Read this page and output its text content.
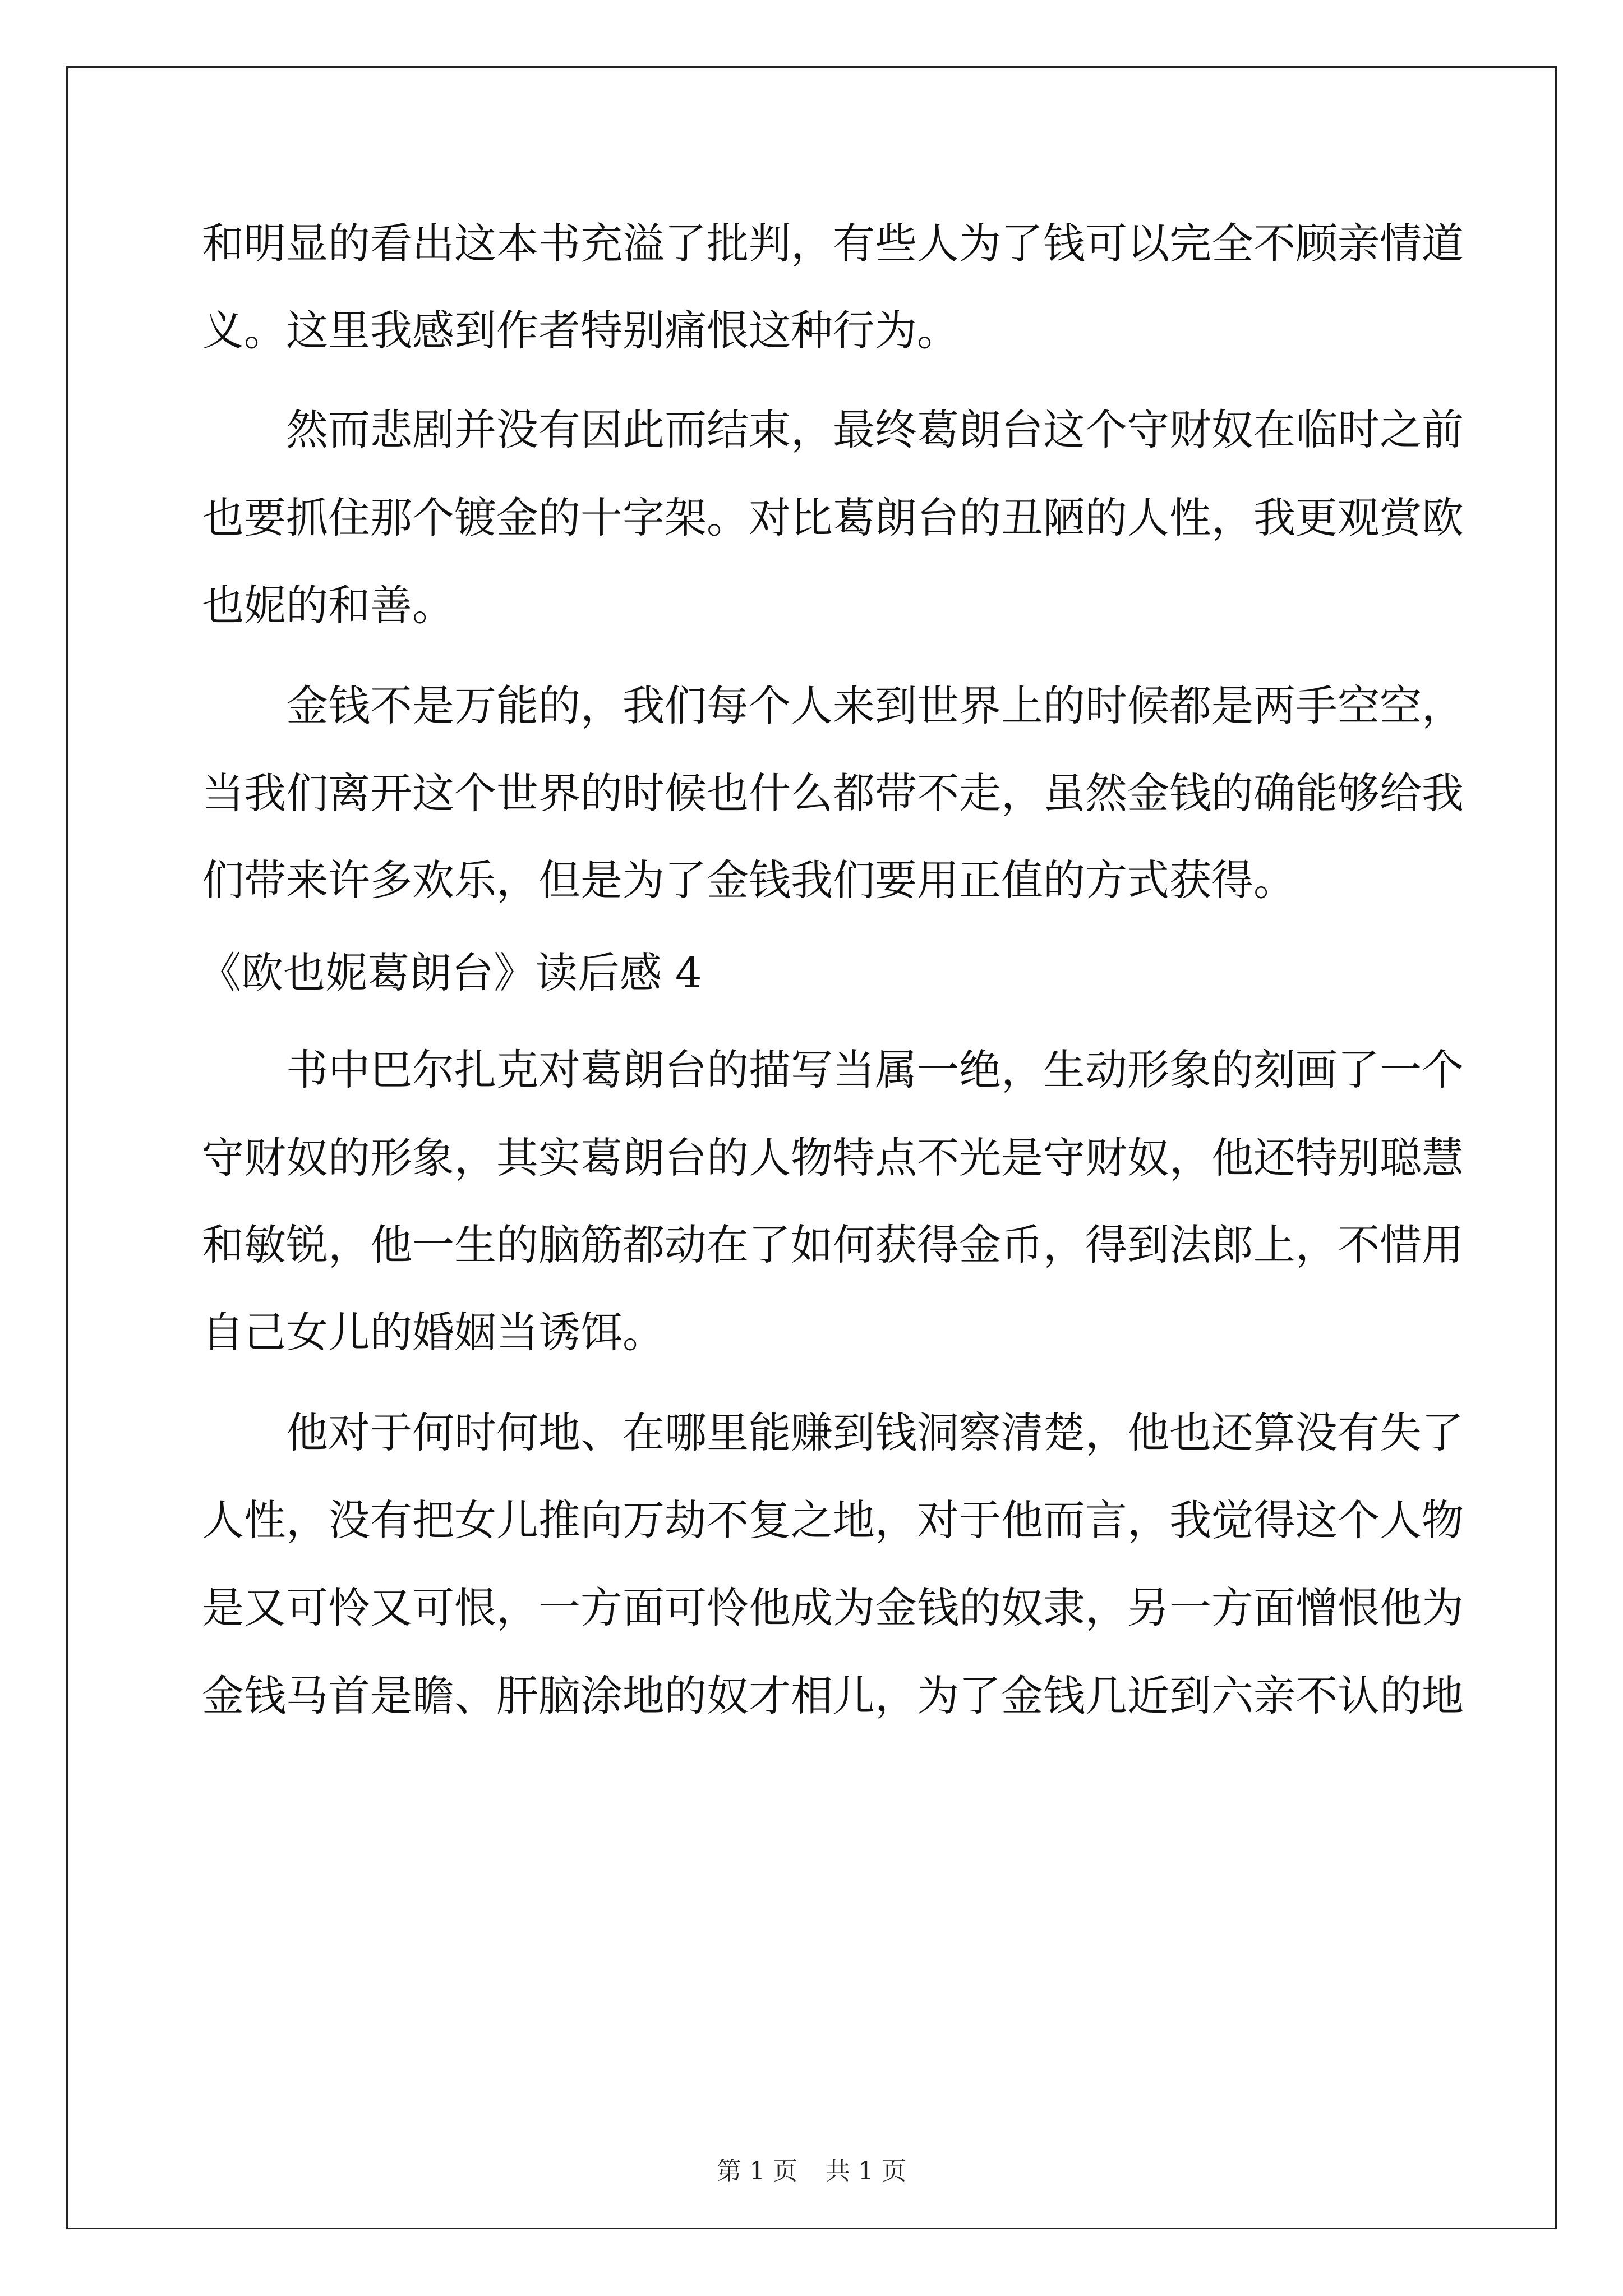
和明显的看出这本书充溢了批判，有些人为了钱可以完全不顾亲情道
义。这里我感到作者特别痛恨这种行为。
然而悲剧并没有因此而结束，最终葛朗台这个守财奴在临时之前
也要抓住那个镀金的十字架。对比葛朗台的丑陋的人性，我更观赏欧
也妮的和善。
金钱不是万能的，我们每个人来到世界上的时候都是两手空空，
当我们离开这个世界的时候也什么都带不走，虽然金钱的确能够给我
们带来许多欢乐，但是为了金钱我们要用正值的方式获得。
《欧也妮葛朗台》读后感 4
书中巴尔扎克对葛朗台的描写当属一绝，生动形象的刻画了一个
守财奴的形象，其实葛朗台的人物特点不光是守财奴，他还特别聪慧
和敏锐，他一生的脑筋都动在了如何获得金币，得到法郎上，不惜用
自己女儿的婚姻当诱饵。
他对于何时何地、在哪里能赚到钱洞察清楚，他也还算没有失了
人性，没有把女儿推向万劫不复之地，对于他而言，我觉得这个人物
是又可怜又可恨，一方面可怜他成为金钱的奴隶，另一方面憎恨他为
金钱马首是瞻、肝脑涂地的奴才相儿，为了金钱几近到六亲不认的地
第 1 页 共 1 页
